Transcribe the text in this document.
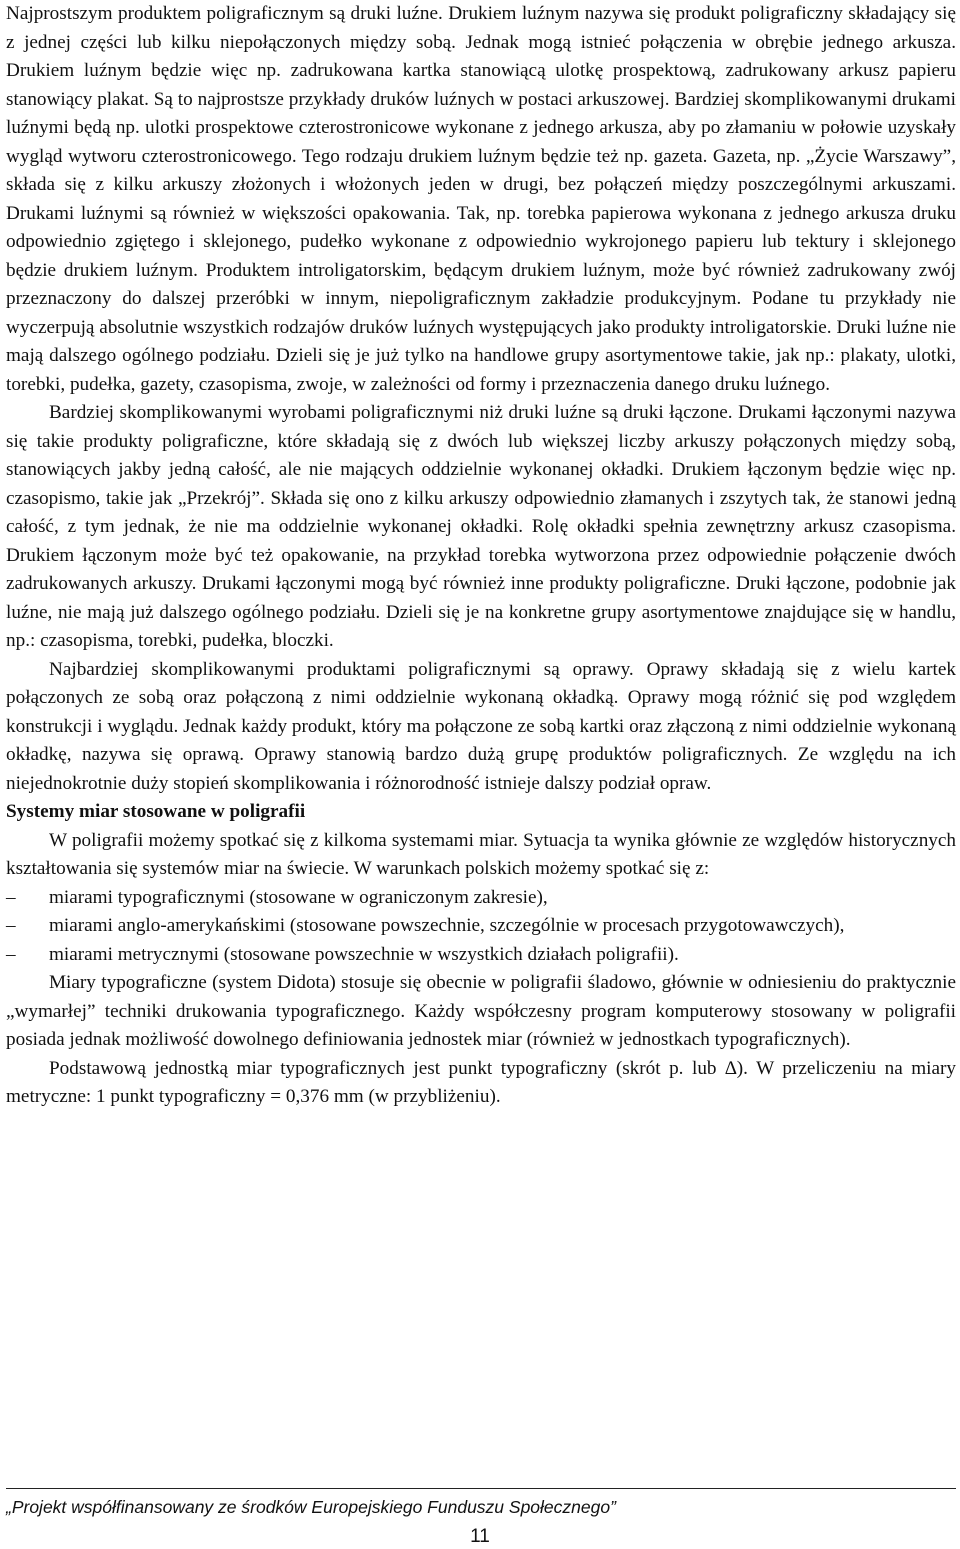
Najprostszym produktem poligraficznym są druki luźne. Drukiem luźnym nazywa się produkt poligraficzny składający się z jednej części lub kilku niepołączonych między sobą. Jednak mogą istnieć połączenia w obrębie jednego arkusza. Drukiem luźnym będzie więc np. zadrukowana kartka stanowiącą ulotkę prospektową, zadrukowany arkusz papieru stanowiący plakat. Są to najprostsze przykłady druków luźnych w postaci arkuszowej. Bardziej skomplikowanymi drukami luźnymi będą np. ulotki prospektowe czterostronicowe wykonane z jednego arkusza, aby po złamaniu w połowie uzyskały wygląd wytworu czterostronicowego. Tego rodzaju drukiem luźnym będzie też np. gazeta. Gazeta, np. „Życie Warszawy”, składa się z kilku arkuszy złożonych i włożonych jeden w drugi, bez połączeń między poszczególnymi arkuszami. Drukami luźnymi są również w większości opakowania. Tak, np. torebka papierowa wykonana z jednego arkusza druku odpowiednio zgiętego i sklejonego, pudełko wykonane z odpowiednio wykrojonego papieru lub tektury i sklejonego będzie drukiem luźnym. Produktem introligatorskim, będącym drukiem luźnym, może być również zadrukowany zwój przeznaczony do dalszej przeróbki w innym, niepoligraficznym zakładzie produkcyjnym. Podane tu przykłady nie wyczerpują absolutnie wszystkich rodzajów druków luźnych występujących jako produkty introligatorskie. Druki luźne nie mają dalszego ogólnego podziału. Dzieli się je już tylko na handlowe grupy asortymentowe takie, jak np.: plakaty, ulotki, torebki, pudełka, gazety, czasopisma, zwoje, w zależności od formy i przeznaczenia danego druku luźnego.

Bardziej skomplikowanymi wyrobami poligraficznymi niż druki luźne są druki łączone. Drukami łączonymi nazywa się takie produkty poligraficzne, które składają się z dwóch lub większej liczby arkuszy połączonych między sobą, stanowiących jakby jedną całość, ale nie mających oddzielnie wykonanej okładki. Drukiem łączonym będzie więc np. czasopismo, takie jak „Przekrój”. Składa się ono z kilku arkuszy odpowiednio złamanych i zszytych tak, że stanowi jedną całość, z tym jednak, że nie ma oddzielnie wykonanej okładki. Rolę okładki spełnia zewnętrzny arkusz czasopisma. Drukiem łączonym może być też opakowanie, na przykład torebka wytworzona przez odpowiednie połączenie dwóch zadrukowanych arkuszy. Drukami łączonymi mogą być również inne produkty poligraficzne. Druki łączone, podobnie jak luźne, nie mają już dalszego ogólnego podziału. Dzieli się je na konkretne grupy asortymentowe znajdujące się w handlu, np.: czasopisma, torebki, pudełka, bloczki.

Najbardziej skomplikowanymi produktami poligraficznymi są oprawy. Oprawy składają się z wielu kartek połączonych ze sobą oraz połączoną z nimi oddzielnie wykonaną okładką. Oprawy mogą różnić się pod względem konstrukcji i wyglądu. Jednak każdy produkt, który ma połączone ze sobą kartki oraz złączoną z nimi oddzielnie wykonaną okładkę, nazywa się oprawą. Oprawy stanowią bardzo dużą grupę produktów poligraficznych. Ze względu na ich niejednokrotnie duży stopień skomplikowania i różnorodność istnieje dalszy podział opraw.

Systemy miar stosowane w poligrafii

W poligrafii możemy spotkać się z kilkoma systemami miar. Sytuacja ta wynika głównie ze względów historycznych kształtowania się systemów miar na świecie. W warunkach polskich możemy spotkać się z:

– miarami typograficznymi (stosowane w ograniczonym zakresie),
– miarami anglo-amerykańskimi (stosowane powszechnie, szczególnie w procesach przygotowawczych),
– miarami metrycznymi (stosowane powszechnie w wszystkich działach poligrafii).

Miary typograficzne (system Didota) stosuje się obecnie w poligrafii śladowo, głównie w odniesieniu do praktycznie „wymarłej” techniki drukowania typograficznego. Każdy współczesny program komputerowy stosowany w poligrafii posiada jednak możliwość dowolnego definiowania jednostek miar (również w jednostkach typograficznych).

Podstawową jednostką miar typograficznych jest punkt typograficzny (skrót p. lub ∆). W przeliczeniu na miary metryczne: 1 punkt typograficzny = 0,376 mm (w przybliżeniu).

„Projekt współfinansowany ze środków Europejskiego Funduszu Społecznego”
11
